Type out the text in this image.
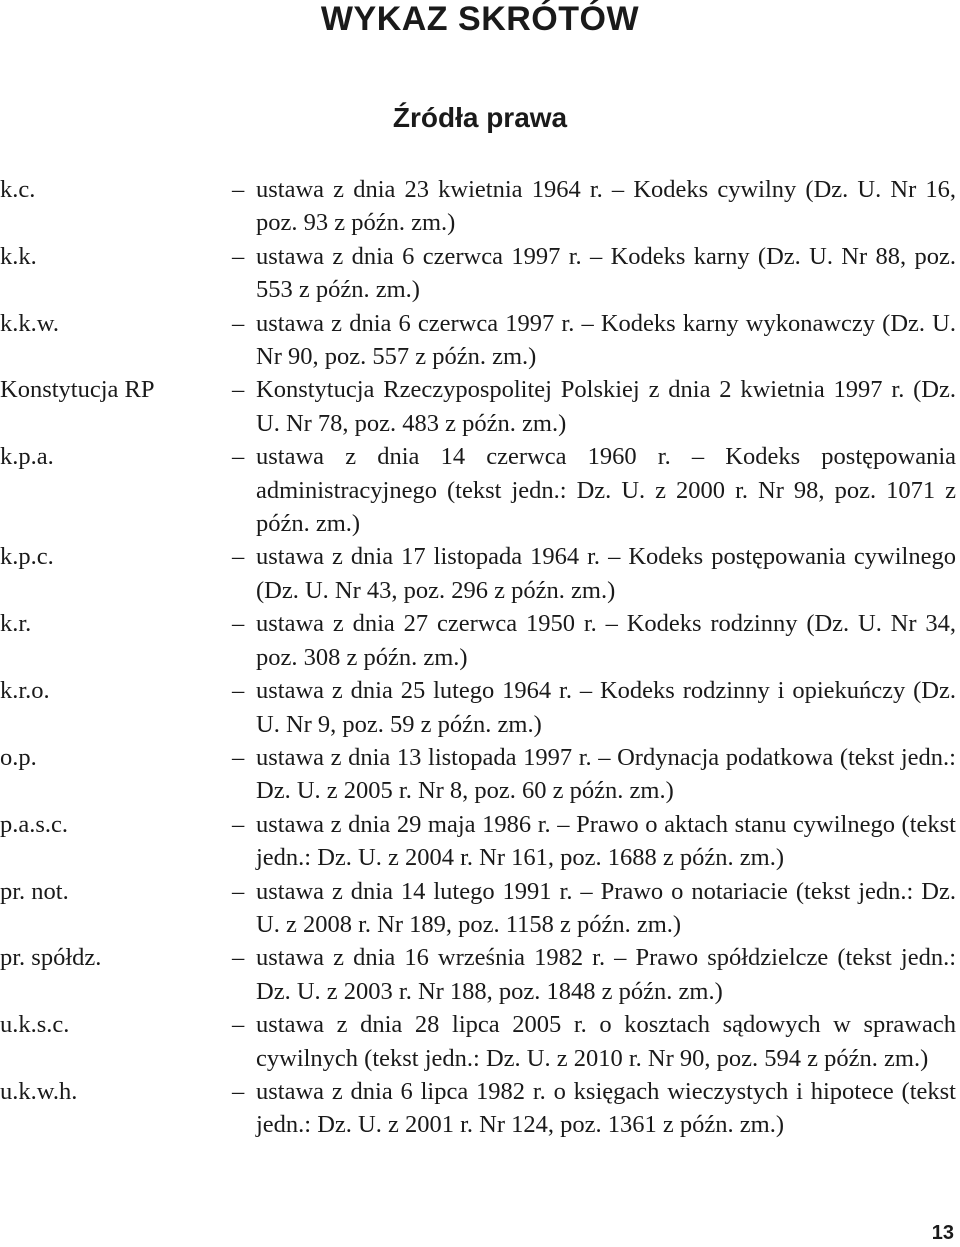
WYKAZ SKRÓTÓW
Źródła prawa
k.c.	– ustawa z dnia 23 kwietnia 1964 r. – Kodeks cywilny (Dz. U. Nr 16, poz. 93 z późn. zm.)
k.k.	– ustawa z dnia 6 czerwca 1997 r. – Kodeks karny (Dz. U. Nr 88, poz. 553 z późn. zm.)
k.k.w.	– ustawa z dnia 6 czerwca 1997 r. – Kodeks karny wykonawczy (Dz. U. Nr 90, poz. 557 z późn. zm.)
Konstytucja RP	– Konstytucja Rzeczypospolitej Polskiej z dnia 2 kwietnia 1997 r. (Dz. U. Nr 78, poz. 483 z późn. zm.)
k.p.a.	– ustawa z dnia 14 czerwca 1960 r. – Kodeks postępowania administracyjnego (tekst jedn.: Dz. U. z 2000 r. Nr 98, poz. 1071 z późn. zm.)
k.p.c.	– ustawa z dnia 17 listopada 1964 r. – Kodeks postępowania cywilnego (Dz. U. Nr 43, poz. 296 z późn. zm.)
k.r.	– ustawa z dnia 27 czerwca 1950 r. – Kodeks rodzinny (Dz. U. Nr 34, poz. 308 z późn. zm.)
k.r.o.	– ustawa z dnia 25 lutego 1964 r. – Kodeks rodzinny i opiekuńczy (Dz. U. Nr 9, poz. 59 z późn. zm.)
o.p.	– ustawa z dnia 13 listopada 1997 r. – Ordynacja podatkowa (tekst jedn.: Dz. U. z 2005 r. Nr 8, poz. 60 z późn. zm.)
p.a.s.c.	– ustawa z dnia 29 maja 1986 r. – Prawo o aktach stanu cywilnego (tekst jedn.: Dz. U. z 2004 r. Nr 161, poz. 1688 z późn. zm.)
pr. not.	– ustawa z dnia 14 lutego 1991 r. – Prawo o notariacie (tekst jedn.: Dz. U. z 2008 r. Nr 189, poz. 1158 z późn. zm.)
pr. spółdz.	– ustawa z dnia 16 września 1982 r. – Prawo spółdzielcze (tekst jedn.: Dz. U. z 2003 r. Nr 188, poz. 1848 z późn. zm.)
u.k.s.c.	– ustawa z dnia 28 lipca 2005 r. o kosztach sądowych w sprawach cywilnych (tekst jedn.: Dz. U. z 2010 r. Nr 90, poz. 594 z późn. zm.)
u.k.w.h.	– ustawa z dnia 6 lipca 1982 r. o księgach wieczystych i hipotece (tekst jedn.: Dz. U. z 2001 r. Nr 124, poz. 1361 z późn. zm.)
13
